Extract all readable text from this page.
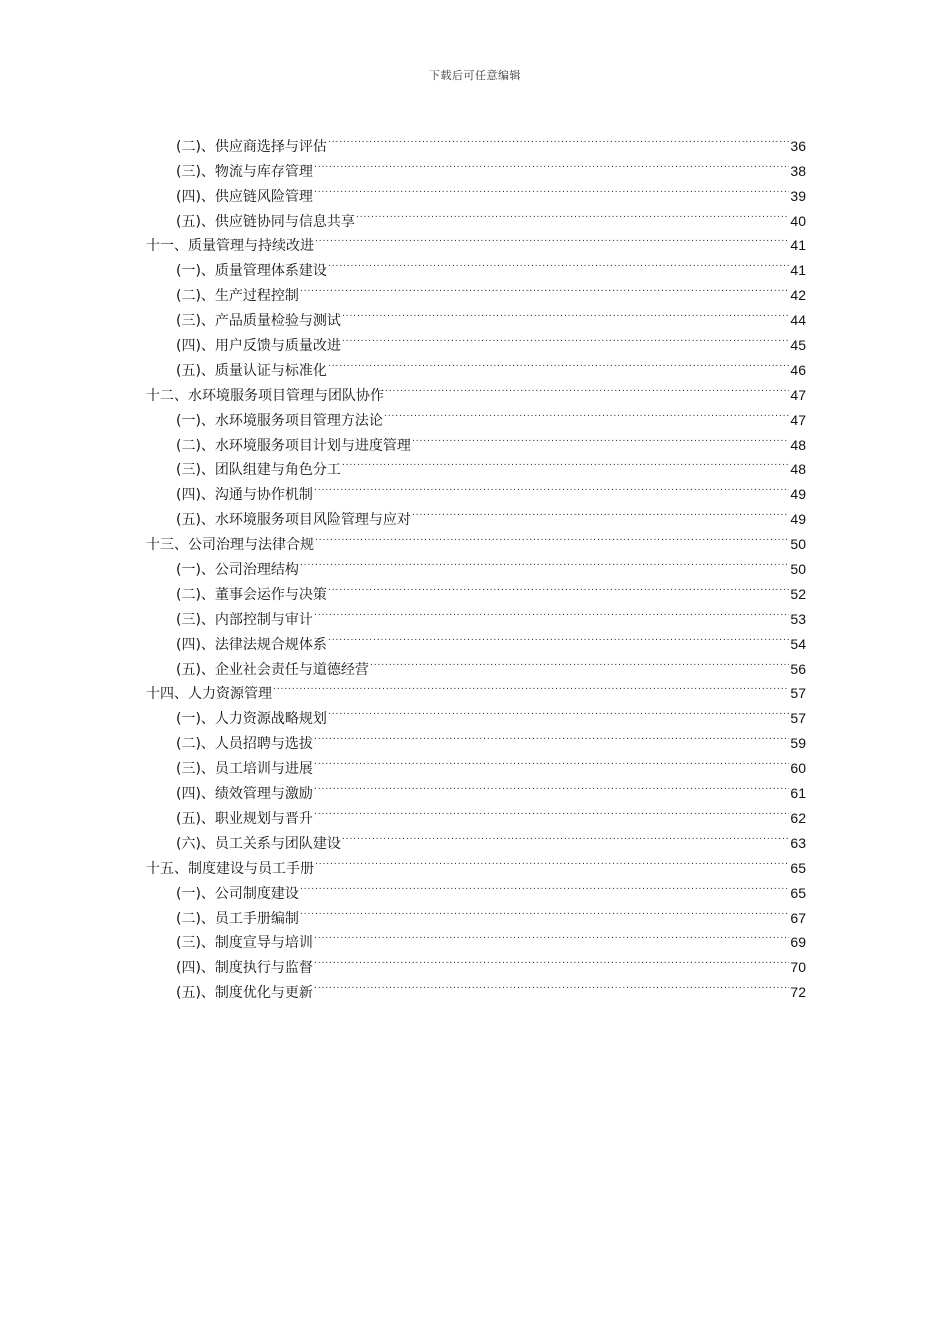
下载后可任意编辑
(二)、供应商选择与评估 .....	36
(三)、物流与库存管理 .....	38
(四)、供应链风险管理 .....	39
(五)、供应链协同与信息共享 .....	40
十一、质量管理与持续改进 .....	41
(一)、质量管理体系建设 .....	41
(二)、生产过程控制 .....	42
(三)、产品质量检验与测试 .....	44
(四)、用户反馈与质量改进 .....	45
(五)、质量认证与标准化 .....	46
十二、水环境服务项目管理与团队协作 .....	47
(一)、水环境服务项目管理方法论 .....	47
(二)、水环境服务项目计划与进度管理 .....	48
(三)、团队组建与角色分工 .....	48
(四)、沟通与协作机制 .....	49
(五)、水环境服务项目风险管理与应对 .....	49
十三、公司治理与法律合规 .....	50
(一)、公司治理结构 .....	50
(二)、董事会运作与决策 .....	52
(三)、内部控制与审计 .....	53
(四)、法律法规合规体系 .....	54
(五)、企业社会责任与道德经营 .....	56
十四、人力资源管理 .....	57
(一)、人力资源战略规划 .....	57
(二)、人员招聘与选拔 .....	59
(三)、员工培训与进展 .....	60
(四)、绩效管理与激励 .....	61
(五)、职业规划与晋升 .....	62
(六)、员工关系与团队建设 .....	63
十五、制度建设与员工手册 .....	65
(一)、公司制度建设 .....	65
(二)、员工手册编制 .....	67
(三)、制度宣导与培训 .....	69
(四)、制度执行与监督 .....	70
(五)、制度优化与更新 .....	72
